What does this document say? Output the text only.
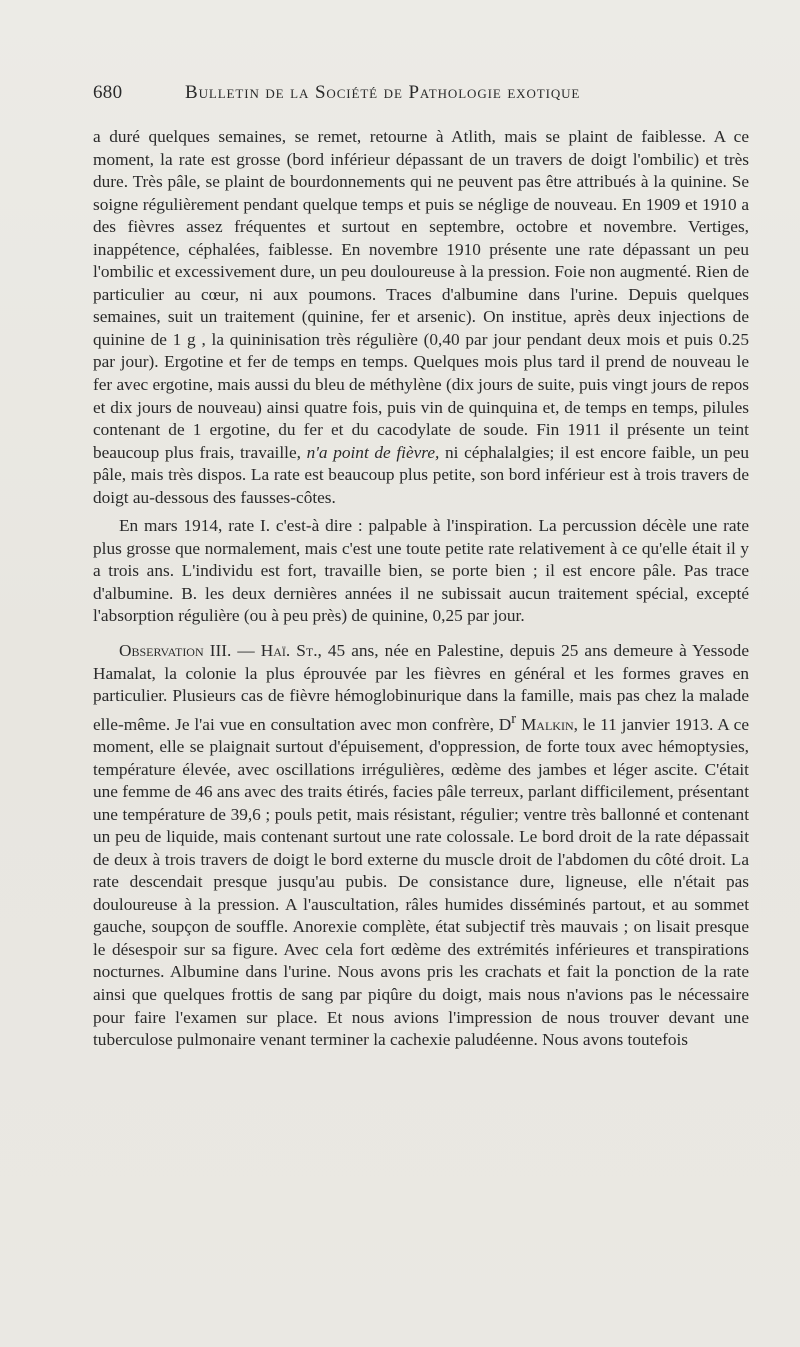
680	Bulletin de la Société de Pathologie exotique

a duré quelques semaines, se remet, retourne à Atlith, mais se plaint de faiblesse. A ce moment, la rate est grosse (bord inférieur dépassant de un travers de doigt l'ombilic) et très dure. Très pâle, se plaint de bourdonnements qui ne peuvent pas être attribués à la quinine. Se soigne régulièrement pendant quelque temps et puis se néglige de nouveau. En 1909 et 1910 a des fièvres assez fréquentes et surtout en septembre, octobre et novembre. Vertiges, inappétence, céphalées, faiblesse. En novembre 1910 présente une rate dépassant un peu l'ombilic et excessivement dure, un peu douloureuse à la pression. Foie non augmenté. Rien de particulier au cœur, ni aux poumons. Traces d'albumine dans l'urine. Depuis quelques semaines, suit un traitement (quinine, fer et arsenic). On institue, après deux injections de quinine de 1 g , la quininisation très régulière (0,40 par jour pendant deux mois et puis 0.25 par jour). Ergotine et fer de temps en temps. Quelques mois plus tard il prend de nouveau le fer avec ergotine, mais aussi du bleu de méthylène (dix jours de suite, puis vingt jours de repos et dix jours de nouveau) ainsi quatre fois, puis vin de quinquina et, de temps en temps, pilules contenant de 1 ergotine, du fer et du cacodylate de soude. Fin 1911 il présente un teint beaucoup plus frais, travaille, n'a point de fièvre, ni céphalalgies; il est encore faible, un peu pâle, mais très dispos. La rate est beaucoup plus petite, son bord inférieur est à trois travers de doigt au-dessous des fausses-côtes.

En mars 1914, rate I. c'est-à dire : palpable à l'inspiration. La percussion décèle une rate plus grosse que normalement, mais c'est une toute petite rate relativement à ce qu'elle était il y a trois ans. L'individu est fort, travaille bien, se porte bien ; il est encore pâle. Pas trace d'albumine. B. les deux dernières années il ne subissait aucun traitement spécial, excepté l'absorption régulière (ou à peu près) de quinine, 0,25 par jour.

Observation III. — Haï. St., 45 ans, née en Palestine, depuis 25 ans demeure à Yessode Hamalat, la colonie la plus éprouvée par les fièvres en général et les formes graves en particulier. Plusieurs cas de fièvre hémoglobinurique dans la famille, mais pas chez la malade elle-même. Je l'ai vue en consultation avec mon confrère, $D^r$ Malkin, le 11 janvier 1913. A ce moment, elle se plaignait surtout d'épuisement, d'oppression, de forte toux avec hémoptysies, température élevée, avec oscillations irrégulières, œdème des jambes et léger ascite. C'était une femme de 46 ans avec des traits étirés, facies pâle terreux, parlant difficilement, présentant une température de 39,6 ; pouls petit, mais résistant, régulier; ventre très ballonné et contenant un peu de liquide, mais contenant surtout une rate colossale. Le bord droit de la rate dépassait de deux à trois travers de doigt le bord externe du muscle droit de l'abdomen du côté droit. La rate descendait presque jusqu'au pubis. De consistance dure, ligneuse, elle n'était pas douloureuse à la pression. A l'auscultation, râles humides disséminés partout, et au sommet gauche, soupçon de souffle. Anorexie complète, état subjectif très mauvais ; on lisait presque le désespoir sur sa figure. Avec cela fort œdème des extrémités inférieures et transpirations nocturnes. Albumine dans l'urine. Nous avons pris les crachats et fait la ponction de la rate ainsi que quelques frottis de sang par piqûre du doigt, mais nous n'avions pas le nécessaire pour faire l'examen sur place. Et nous avions l'impression de nous trouver devant une tuberculose pulmonaire venant terminer la cachexie paludéenne. Nous avons toutefois
